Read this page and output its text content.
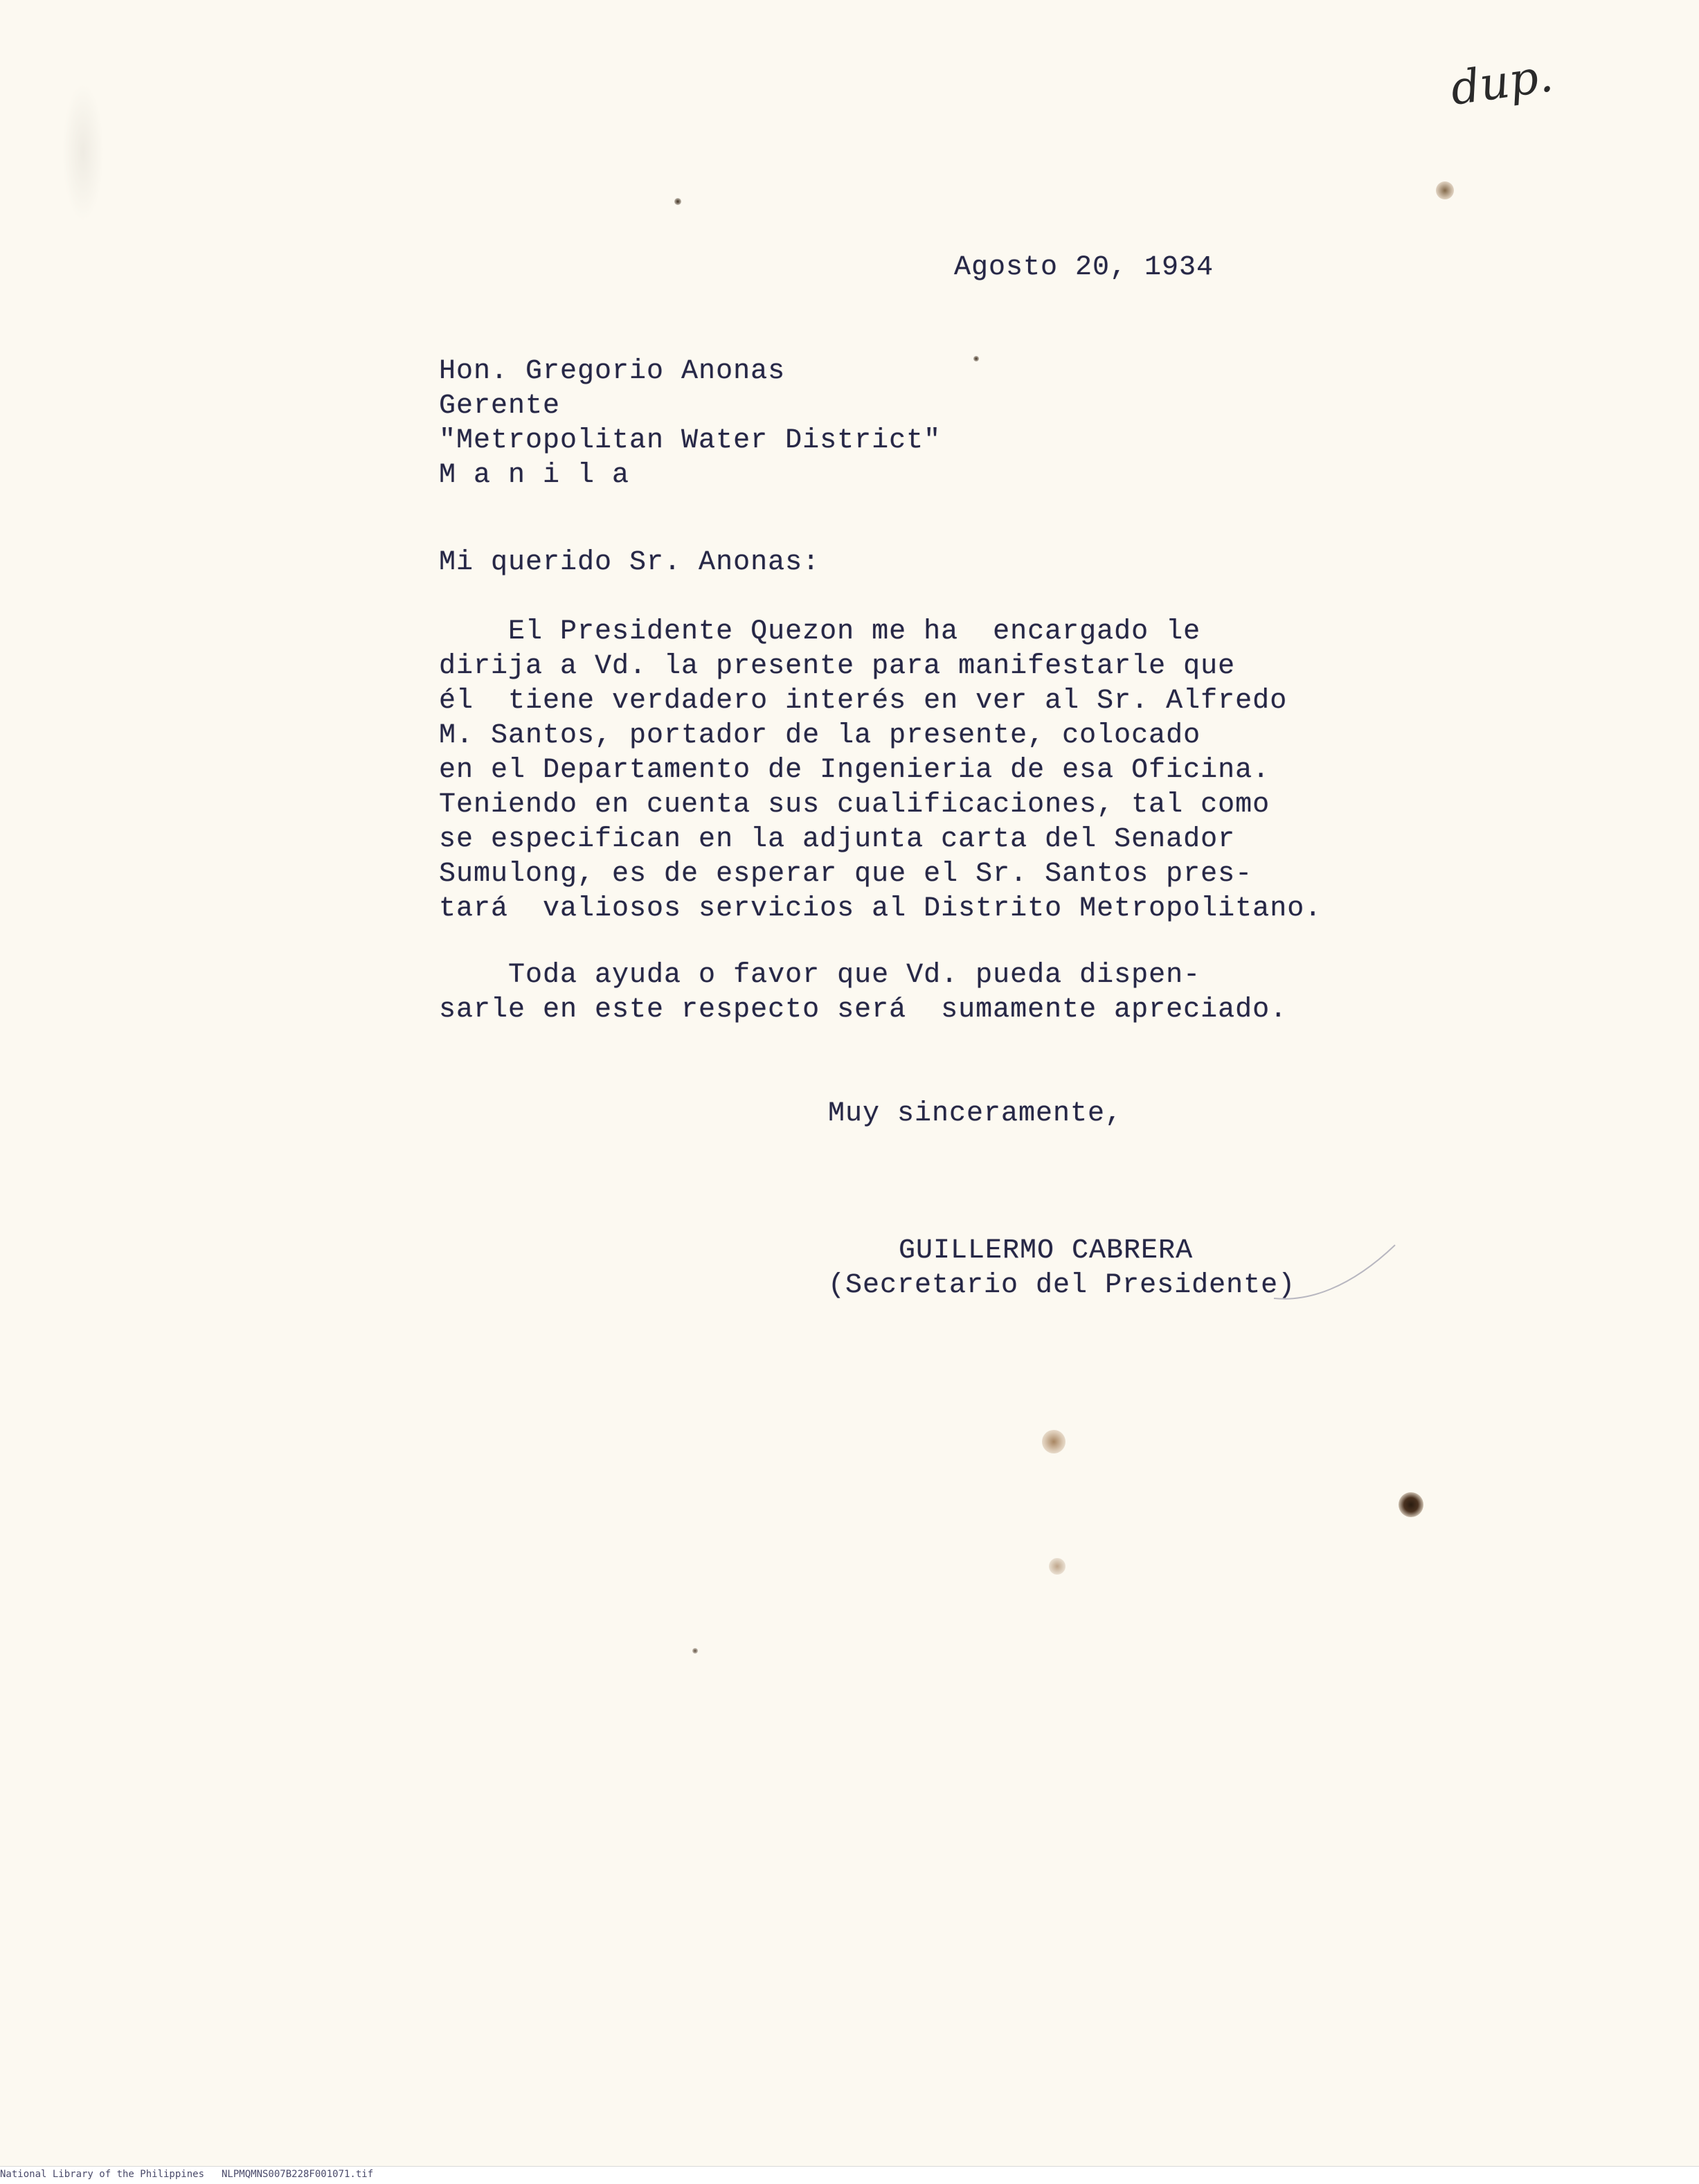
dup.
Agosto 20, 1934
Hon. Gregorio Anonas
Gerente
"Metropolitan Water District"
M a n i l a
Mi querido Sr. Anonas:
El Presidente Quezon me ha  encargado le
dirija a Vd. la presente para manifestarle que
él  tiene verdadero interés en ver al Sr. Alfredo
M. Santos, portador de la presente, colocado
en el Departamento de Ingenieria de esa Oficina.
Teniendo en cuenta sus cualificaciones, tal como
se especifican en la adjunta carta del Senador
Sumulong, es de esperar que el Sr. Santos pres-
tará  valiosos servicios al Distrito Metropolitano.
Toda ayuda o favor que Vd. pueda dispen-
sarle en este respecto será  sumamente apreciado.
Muy sinceramente,
GUILLERMO CABRERA
(Secretario del Presidente)
National Library of the Philippines NLPMQMNS007B228F001071.tif
